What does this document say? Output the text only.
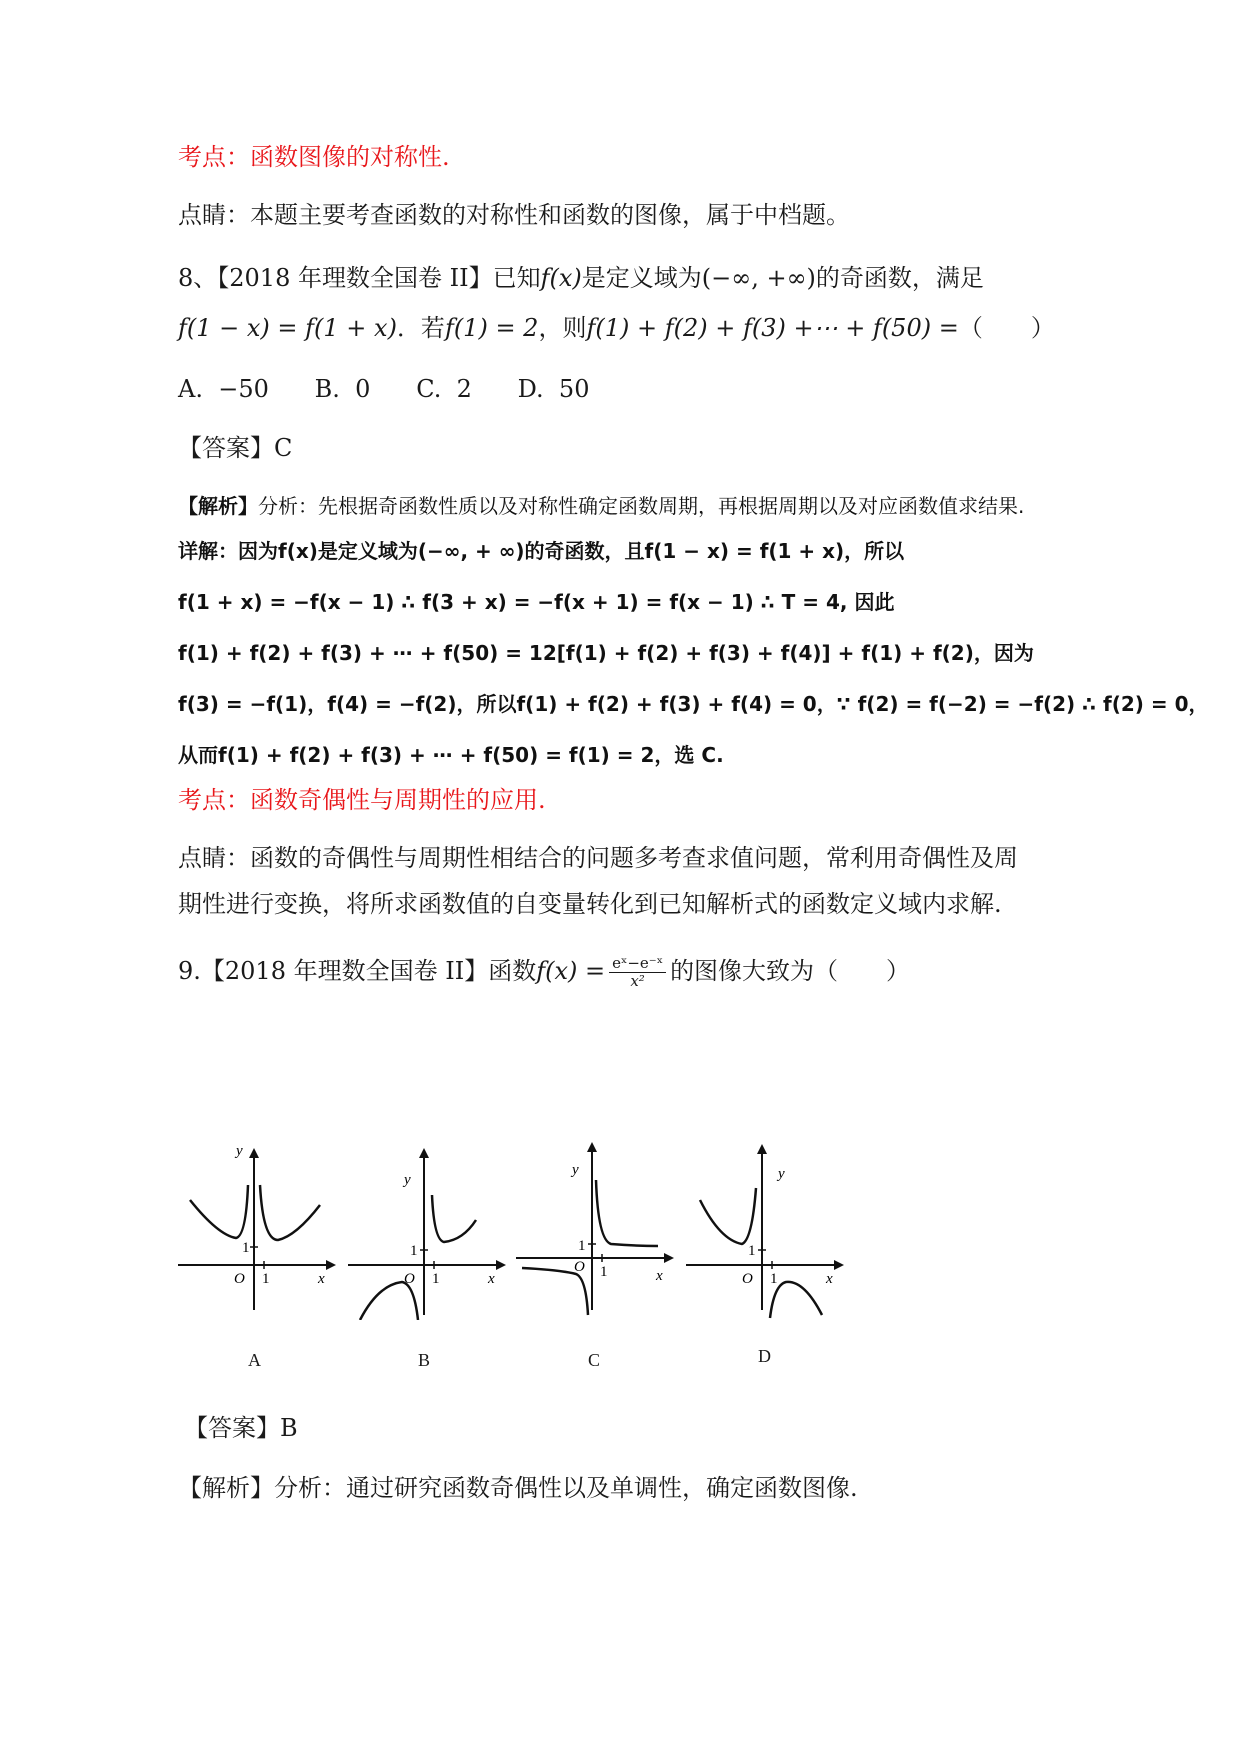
考点：函数图像的对称性.
点睛：本题主要考查函数的对称性和函数的图像，属于中档题。
8、【2018 年理数全国卷 II】已知f(x)是定义域为(−∞, +∞)的奇函数，满足
f(1 − x) = f(1 + x)．若f(1) = 2，则f(1) + f(2) + f(3) +⋯ + f(50) =（　　）
A.  −50      B.  0      C.  2      D.  50
【答案】C
【解析】分析：先根据奇函数性质以及对称性确定函数周期，再根据周期以及对应函数值求结果.
详解：因为f(x)是定义域为(−∞, + ∞)的奇函数，且f(1 − x) = f(1 + x)，所以
f(1 + x) = −f(x − 1) ∴ f(3 + x) = −f(x + 1) = f(x − 1) ∴ T = 4, 因此
f(1) + f(2) + f(3) + ⋯ + f(50) = 12[f(1) + f(2) + f(3) + f(4)] + f(1) + f(2)，因为
f(3) = −f(1)，f(4) = −f(2)，所以f(1) + f(2) + f(3) + f(4) = 0，∵ f(2) = f(−2) = −f(2) ∴ f(2) = 0，
从而f(1) + f(2) + f(3) + ⋯ + f(50) = f(1) = 2，选 C.
考点：函数奇偶性与周期性的应用.
点睛：函数的奇偶性与周期性相结合的问题多考查求值问题，常利用奇偶性及周
期性进行变换，将所求函数值的自变量转化到已知解析式的函数定义域内求解.
9.【2018 年理数全国卷 II】函数$f(x) = \frac{\text{eˣ−e⁻ˣ}}{\text{x²}}$ 的图像大致为（　　）
y
1
O 1	x
A
y
1
O 1	x
B
y
1
O 1	x
C
y
1
O 1	x
D
【答案】B
【解析】分析：通过研究函数奇偶性以及单调性，确定函数图像.
